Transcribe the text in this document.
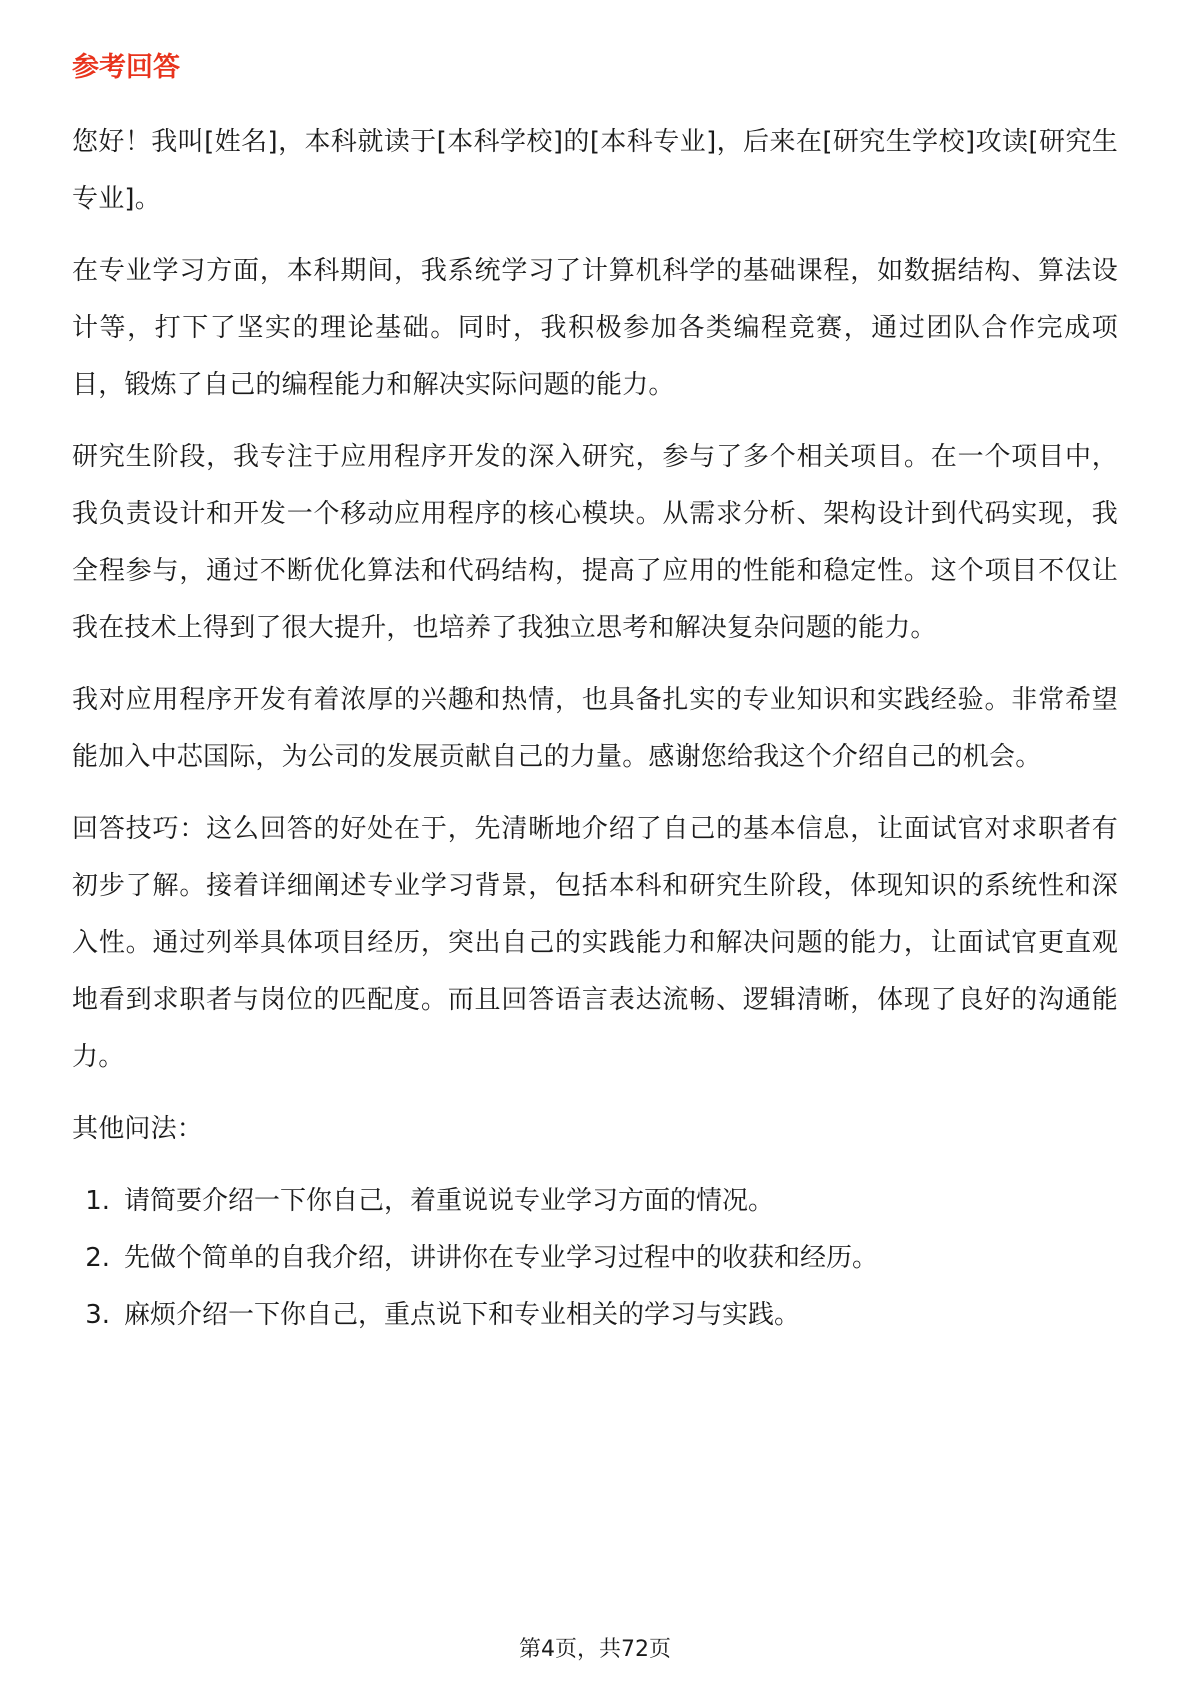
参考回答

您好！我叫[姓名]，本科就读于[本科学校]的[本科专业]，后来在[研究生学校]攻读[研究生专业]。

在专业学习方面，本科期间，我系统学习了计算机科学的基础课程，如数据结构、算法设计等，打下了坚实的理论基础。同时，我积极参加各类编程竞赛，通过团队合作完成项目，锻炼了自己的编程能力和解决实际问题的能力。

研究生阶段，我专注于应用程序开发的深入研究，参与了多个相关项目。在一个项目中，我负责设计和开发一个移动应用程序的核心模块。从需求分析、架构设计到代码实现，我全程参与，通过不断优化算法和代码结构，提高了应用的性能和稳定性。这个项目不仅让我在技术上得到了很大提升，也培养了我独立思考和解决复杂问题的能力。

我对应用程序开发有着浓厚的兴趣和热情，也具备扎实的专业知识和实践经验。非常希望能加入中芯国际，为公司的发展贡献自己的力量。感谢您给我这个介绍自己的机会。

回答技巧：这么回答的好处在于，先清晰地介绍了自己的基本信息，让面试官对求职者有初步了解。接着详细阐述专业学习背景，包括本科和研究生阶段，体现知识的系统性和深入性。通过列举具体项目经历，突出自己的实践能力和解决问题的能力，让面试官更直观地看到求职者与岗位的匹配度。而且回答语言表达流畅、逻辑清晰，体现了良好的沟通能力。

其他问法：

1. 请简要介绍一下你自己，着重说说专业学习方面的情况。
2. 先做个简单的自我介绍，讲讲你在专业学习过程中的收获和经历。
3. 麻烦介绍一下你自己，重点说下和专业相关的学习与实践。
第4页，共72页
